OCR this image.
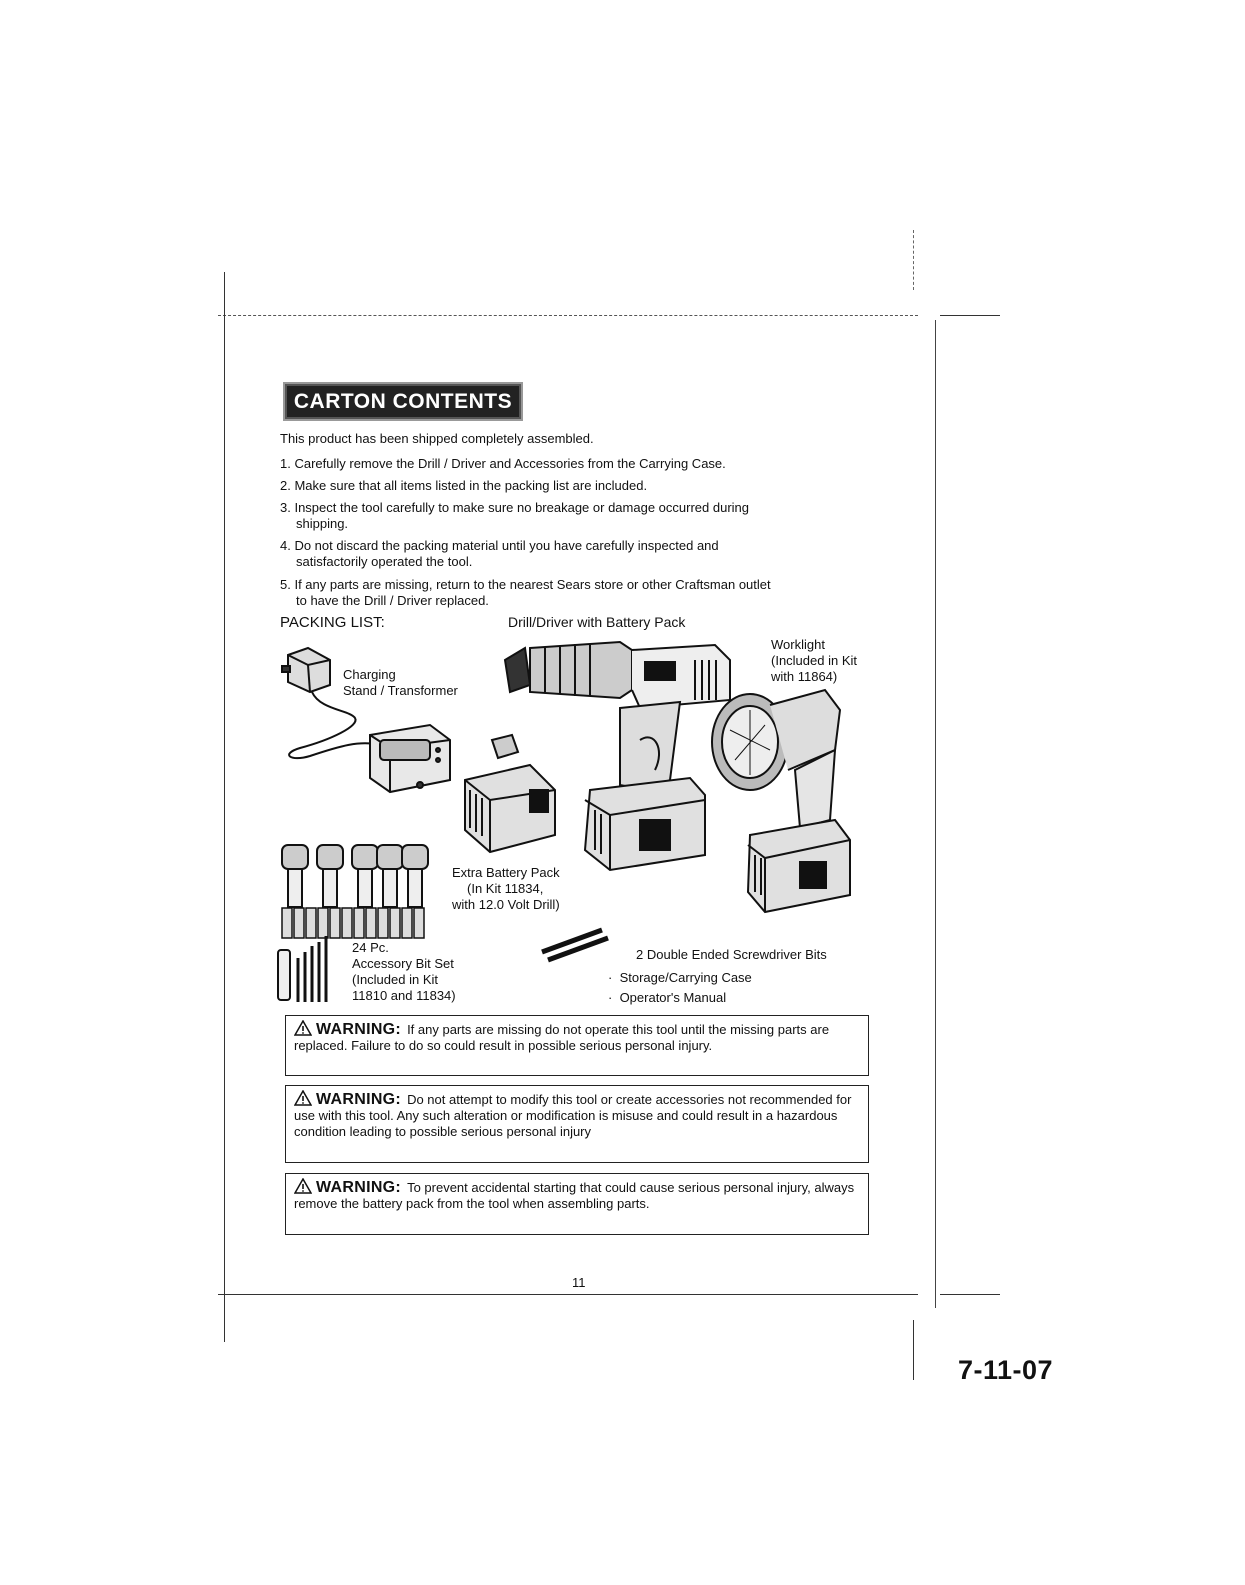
CARTON CONTENTS
This product has been shipped completely assembled.
1. Carefully remove the Drill / Driver and Accessories from the Carrying Case.
2. Make sure that all items listed in the packing list are included.
3. Inspect the tool carefully to make sure no breakage or damage occurred during
shipping.
4. Do not discard the packing material until you have carefully inspected and
satisfactorily operated the tool.
5. If any parts are missing, return to the nearest Sears store or other Craftsman outlet
to have the Drill / Driver replaced.
PACKING LIST:	Drill/Driver with Battery Pack
Worklight
(Included in Kit
with 11864)
Charging
Stand / Transformer
Extra Battery Pack
(In Kit 11834,
with 12.0 Volt Drill)
24 Pc.
Accessory Bit Set
(Included in Kit
11810 and 11834)
2 Double Ended Screwdriver Bits
·  Storage/Carrying Case
·  Operator's Manual
WARNING: If any parts are missing do not operate this tool until the missing parts are replaced. Failure to do so could result in possible serious personal injury.
WARNING: Do not attempt to modify this tool or create accessories not recommended for use with this tool. Any such alteration or modification is misuse and could result in a hazardous condition leading to possible serious personal injury
WARNING: To prevent accidental starting that could cause serious personal injury, always remove the battery pack from the tool when assembling parts.
11
7-11-07
